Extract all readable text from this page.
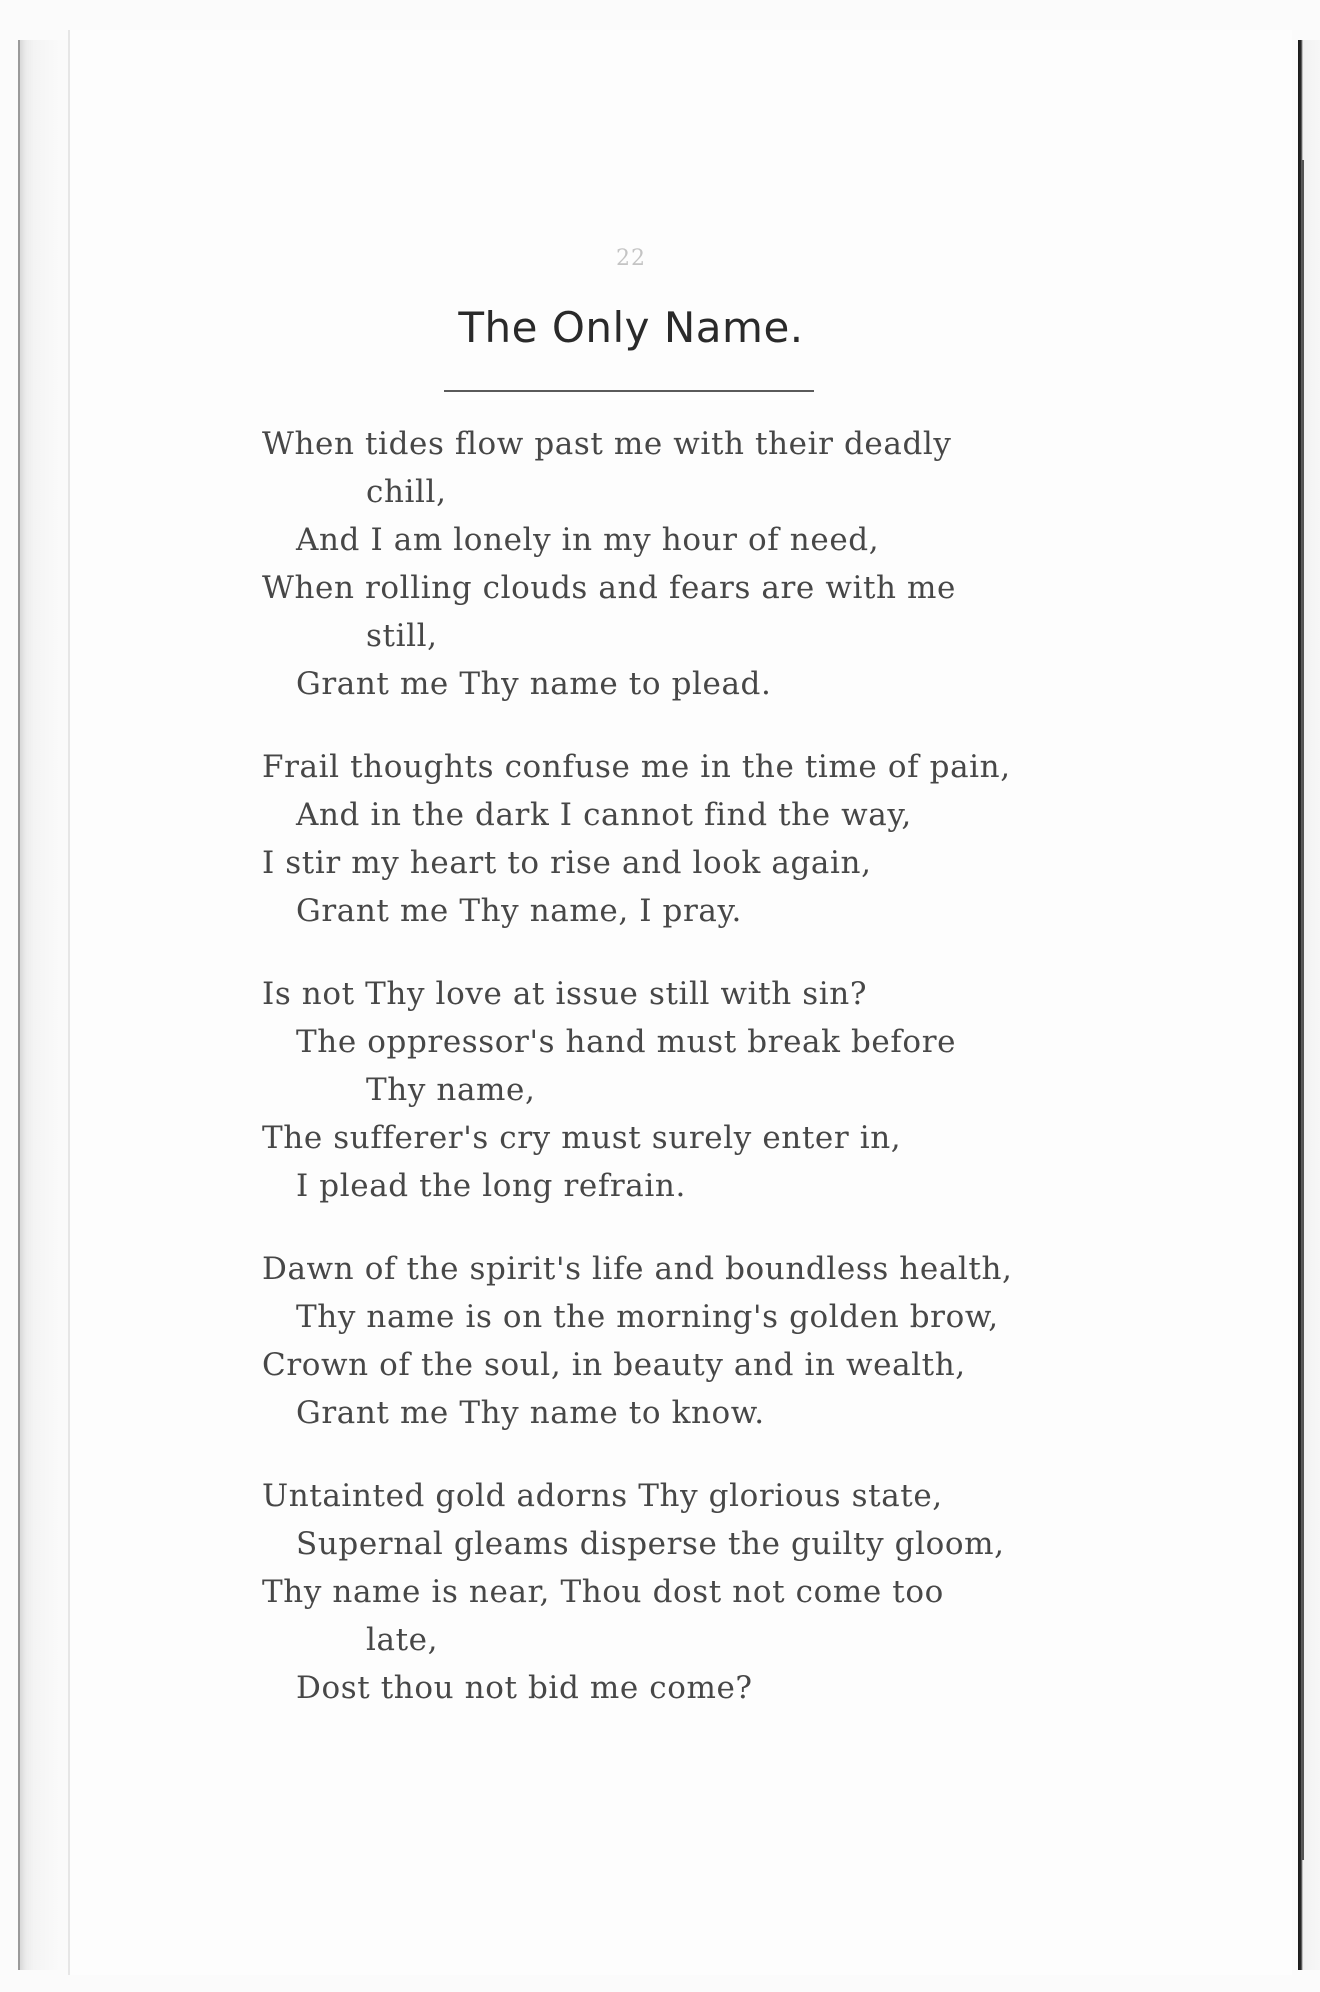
22
The Only Name.
When tides flow past me with their deadly
chill,
And I am lonely in my hour of need,
When rolling clouds and fears are with me
still,
Grant me Thy name to plead.
Frail thoughts confuse me in the time of pain,
And in the dark I cannot find the way,
I stir my heart to rise and look again,
Grant me Thy name, I pray.
Is not Thy love at issue still with sin?
The oppressor's hand must break before
Thy name,
The sufferer's cry must surely enter in,
I plead the long refrain.
Dawn of the spirit's life and boundless health,
Thy name is on the morning's golden brow,
Crown of the soul, in beauty and in wealth,
Grant me Thy name to know.
Untainted gold adorns Thy glorious state,
Supernal gleams disperse the guilty gloom,
Thy name is near, Thou dost not come too
late,
Dost thou not bid me come?
